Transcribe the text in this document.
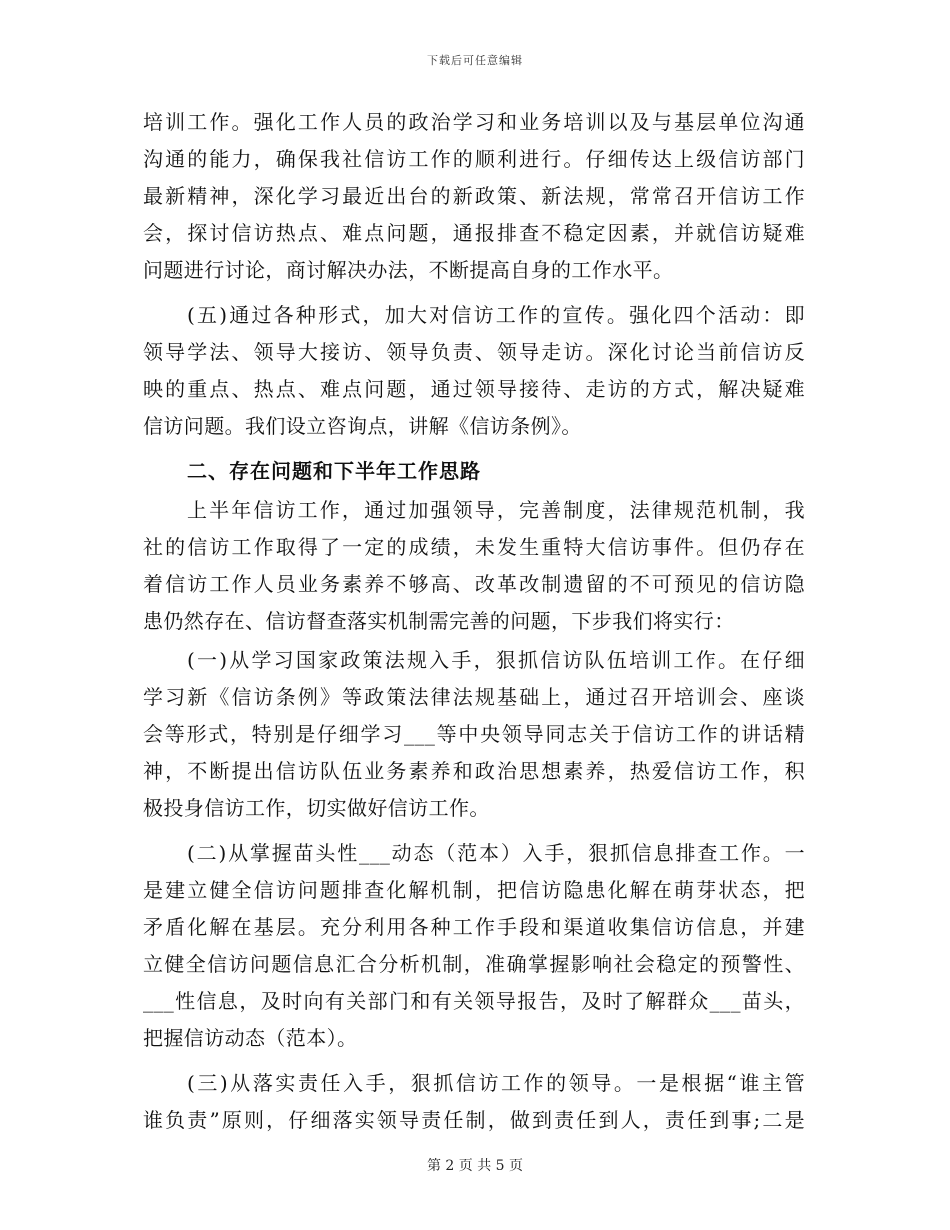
下载后可任意编辑
培训工作。强化工作人员的政治学习和业务培训以及与基层单位沟通
沟通的能力，确保我社信访工作的顺利进行。仔细传达上级信访部门
最新精神，深化学习最近出台的新政策、新法规，常常召开信访工作
会，探讨信访热点、难点问题，通报排查不稳定因素，并就信访疑难
问题进行讨论，商讨解决办法，不断提高自身的工作水平。
(五)通过各种形式，加大对信访工作的宣传。强化四个活动：即
领导学法、领导大接访、领导负责、领导走访。深化讨论当前信访反
映的重点、热点、难点问题，通过领导接待、走访的方式，解决疑难
信访问题。我们设立咨询点，讲解《信访条例》。
二、存在问题和下半年工作思路
上半年信访工作，通过加强领导，完善制度，法律规范机制，我
社的信访工作取得了一定的成绩，未发生重特大信访事件。但仍存在
着信访工作人员业务素养不够高、改革改制遗留的不可预见的信访隐
患仍然存在、信访督查落实机制需完善的问题，下步我们将实行：
(一)从学习国家政策法规入手，狠抓信访队伍培训工作。在仔细
学习新《信访条例》等政策法律法规基础上，通过召开培训会、座谈
会等形式，特别是仔细学习___等中央领导同志关于信访工作的讲话精
神，不断提出信访队伍业务素养和政治思想素养，热爱信访工作，积
极投身信访工作，切实做好信访工作。
(二)从掌握苗头性___动态（范本）入手，狠抓信息排查工作。一
是建立健全信访问题排查化解机制，把信访隐患化解在萌芽状态，把
矛盾化解在基层。充分利用各种工作手段和渠道收集信访信息，并建
立健全信访问题信息汇合分析机制，准确掌握影响社会稳定的预警性、
___性信息，及时向有关部门和有关领导报告，及时了解群众___苗头，
把握信访动态（范本）。
(三)从落实责任入手，狠抓信访工作的领导。一是根据“谁主管
谁负责”原则，仔细落实领导责任制，做到责任到人，责任到事;二是
第 2 页 共 5 页
